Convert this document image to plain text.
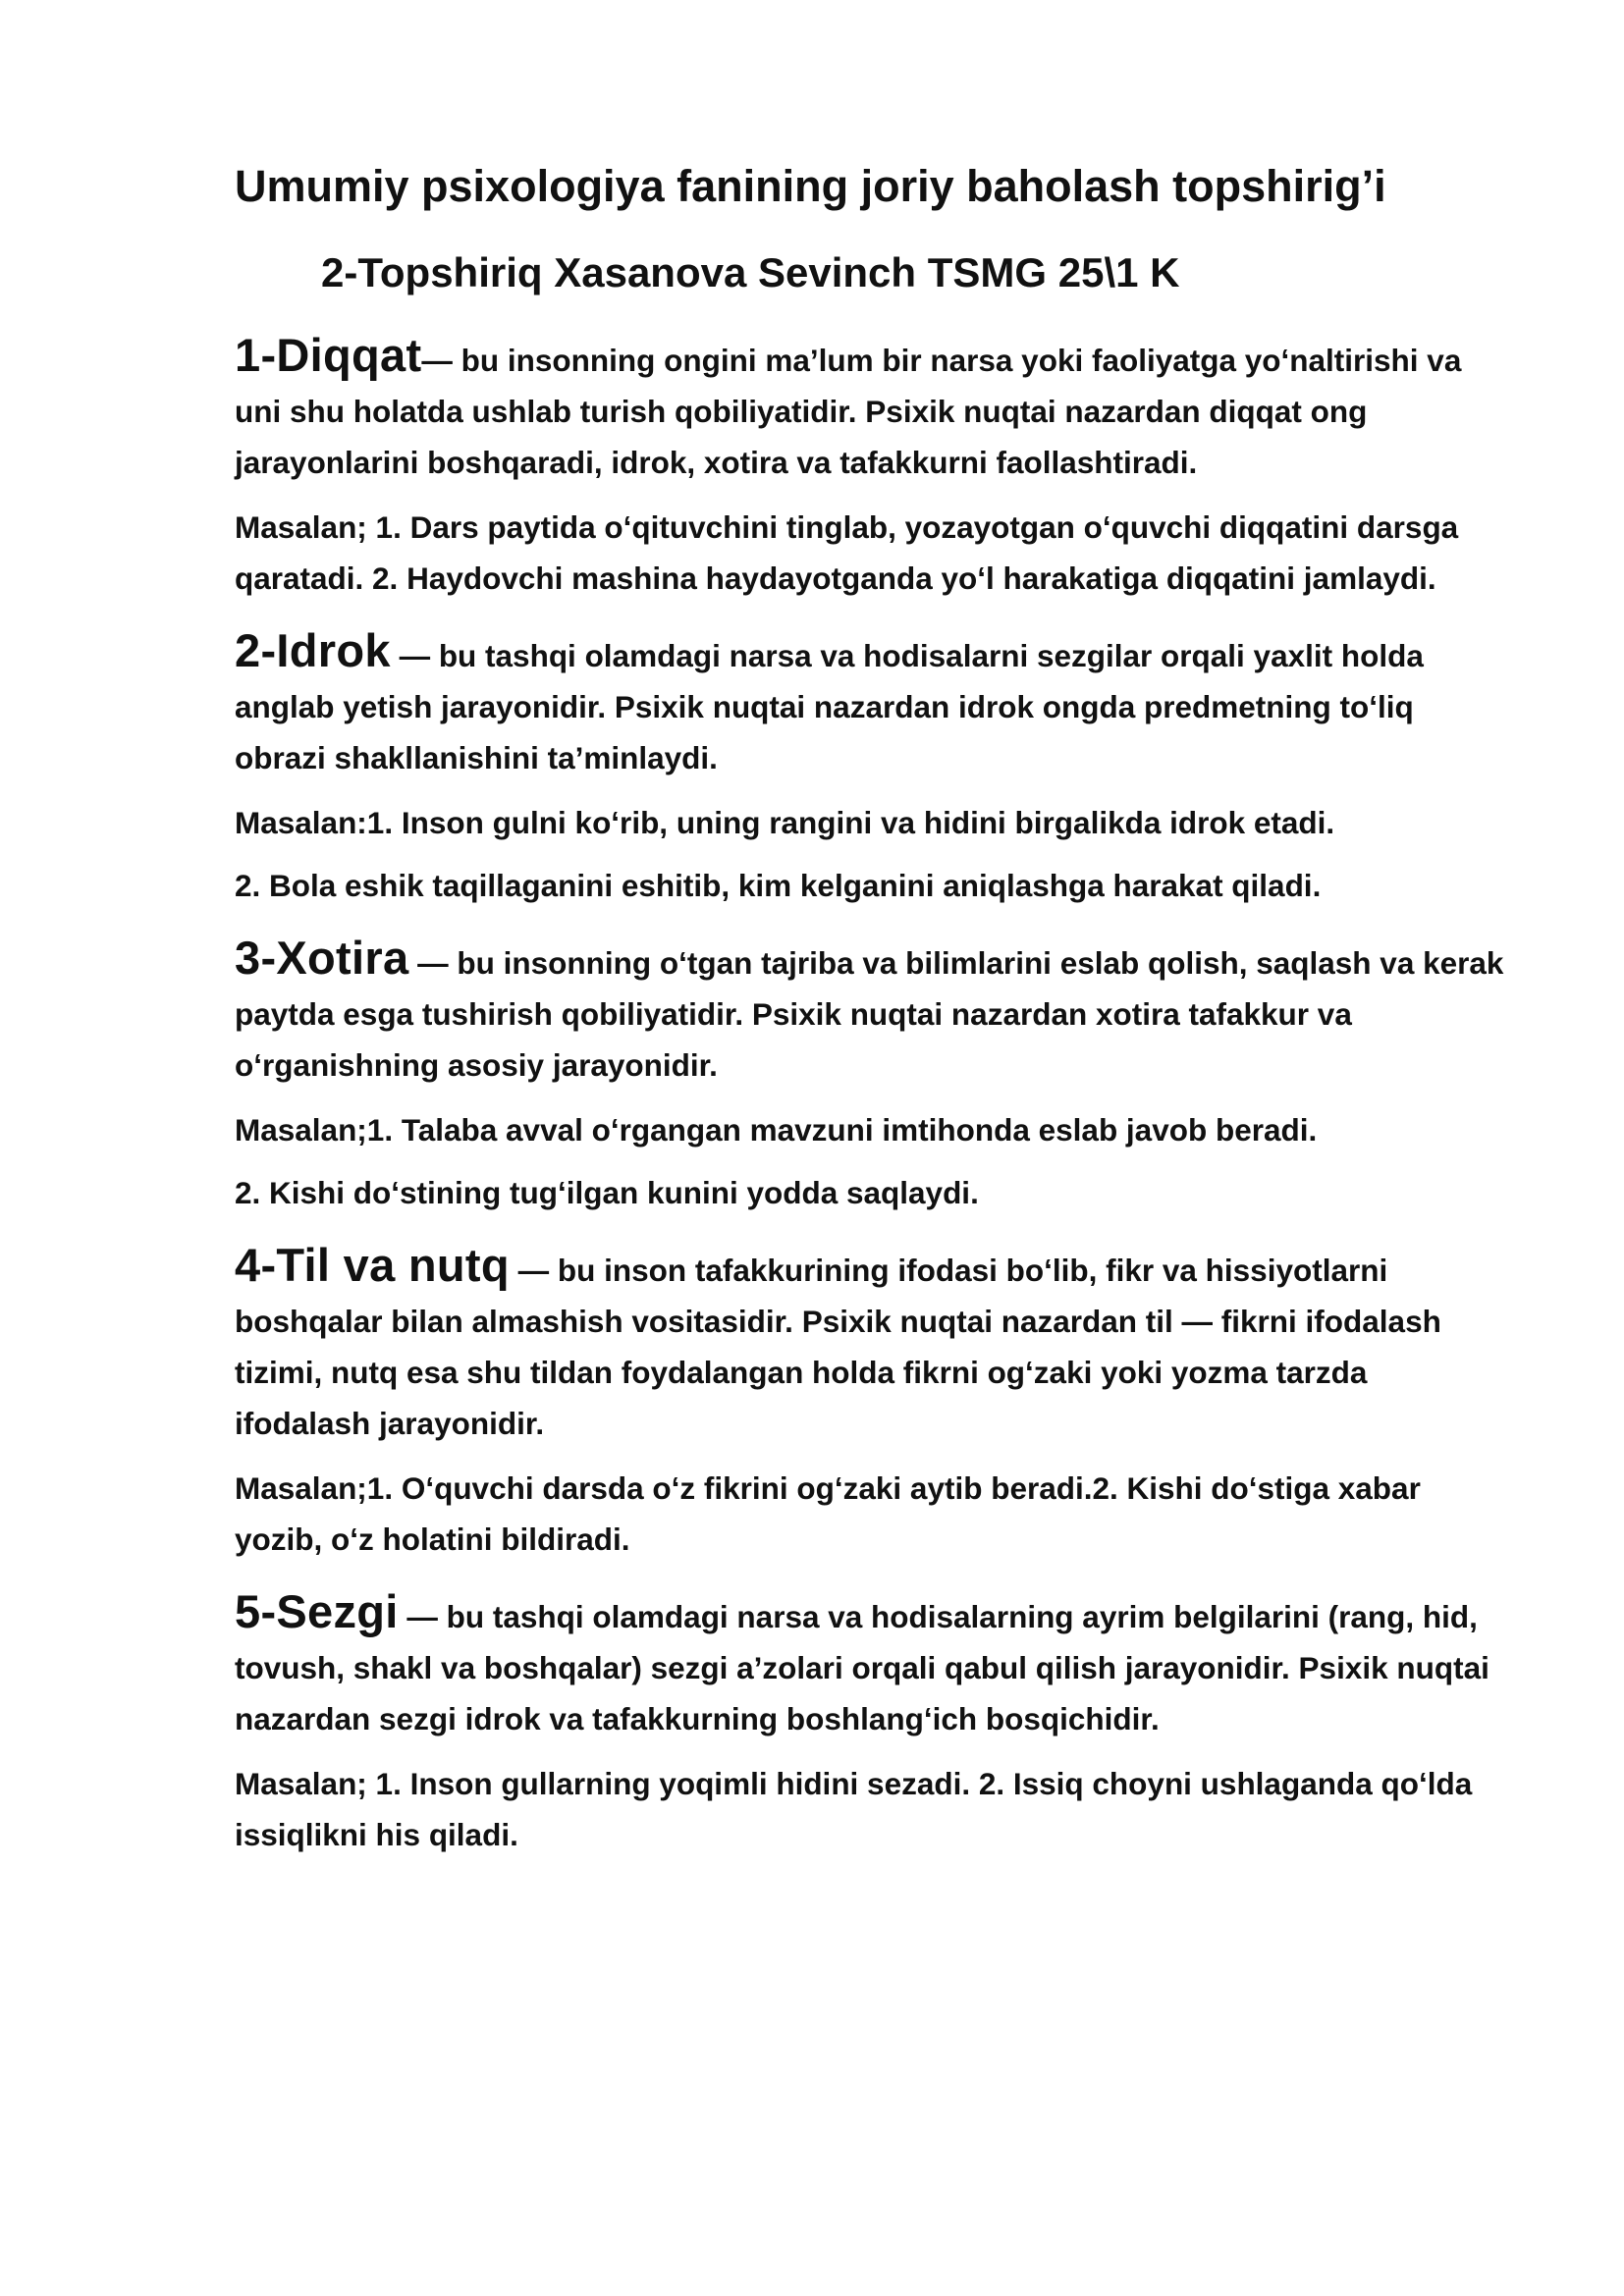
Umumiy psixologiya fanining joriy baholash topshirig’i
2-Topshiriq Xasanova Sevinch TSMG 25\1 K

1-Diqqat— bu insonning ongini ma’lum bir narsa yoki faoliyatga yoʻnaltirishi va uni shu holatda ushlab turish qobiliyatidir. Psixik nuqtai nazardan diqqat ong jarayonlarini boshqaradi, idrok, xotira va tafakkurni faollashtiradi.

Masalan; 1. Dars paytida oʻqituvchini tinglab, yozayotgan oʻquvchi diqqatini darsga qaratadi. 2. Haydovchi mashina haydayotganda yoʻl harakatiga diqqatini jamlaydi.

2-Idrok — bu tashqi olamdagi narsa va hodisalarni sezgilar orqali yaxlit holda anglab yetish jarayonidir. Psixik nuqtai nazardan idrok ongda predmetning toʻliq obrazi shakllanishini ta’minlaydi.

Masalan:1. Inson gulni koʻrib, uning rangini va hidini birgalikda idrok etadi.

2. Bola eshik taqillaganini eshitib, kim kelganini aniqlashga harakat qiladi.

3-Xotira — bu insonning oʻtgan tajriba va bilimlarini eslab qolish, saqlash va kerak paytda esga tushirish qobiliyatidir. Psixik nuqtai nazardan xotira tafakkur va oʻrganishning asosiy jarayonidir.

Masalan;1. Talaba avval oʻrgangan mavzuni imtihonda eslab javob beradi.

2. Kishi doʻstining tugʻilgan kunini yodda saqlaydi.

4-Til va nutq — bu inson tafakkurining ifodasi boʻlib, fikr va hissiyotlarni boshqalar bilan almashish vositasidir. Psixik nuqtai nazardan til — fikrni ifodalash tizimi, nutq esa shu tildan foydalangan holda fikrni ogʻzaki yoki yozma tarzda ifodalash jarayonidir.

Masalan;1. Oʻquvchi darsda oʻz fikrini ogʻzaki aytib beradi.2. Kishi doʻstiga xabar yozib, oʻz holatini bildiradi.

5-Sezgi — bu tashqi olamdagi narsa va hodisalarning ayrim belgilarini (rang, hid, tovush, shakl va boshqalar) sezgi a’zolari orqali qabul qilish jarayonidir. Psixik nuqtai nazardan sezgi idrok va tafakkurning boshlangʻich bosqichidir.

Masalan; 1. Inson gullarning yoqimli hidini sezadi. 2. Issiq choyni ushlaganda qoʻlda issiqlikni his qiladi.
